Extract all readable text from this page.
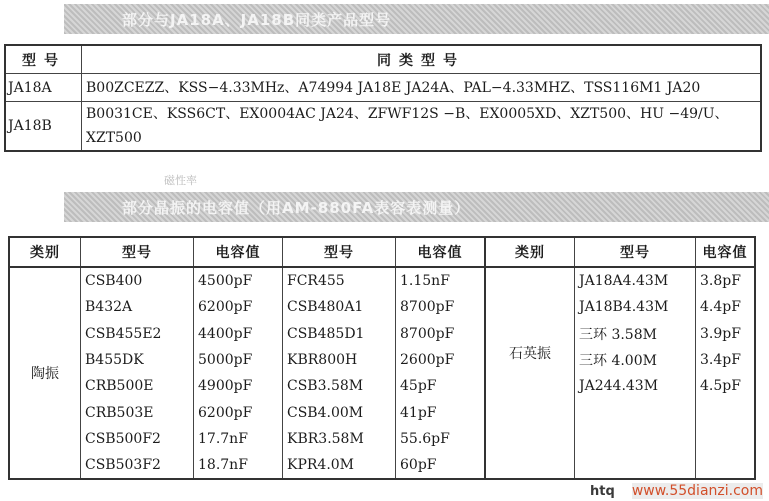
部分与JA18A、JA18B同类产品型号
型号	同类型号
JA18A	B00ZCEZZ、KSS−4.33MHz、A74994 JA18E JA24A、PAL−4.33MHZ、TSS116M1 JA20
JA18B	B0031CE、KSS6CT、EX0004AC JA24、ZFWF12S −B、EX0005XD、XZT500、HU −49/U、XZT500
磁性率
部分晶振的电容值（用AM-880FA表容表测量）
类别	型号	电容值	型号	电容值	类别	型号	电容值
陶振	CSB400	4500pF	FCR455	1.15nF	石英振	JA18A4.43M	3.8pF
	B432A	6200pF	CSB480A1	8700pF		JA18B4.43M	4.4pF
	CSB455E2	4400pF	CSB485D1	8700pF		三环 3.58M	3.9pF
	B455DK	5000pF	KBR800H	2600pF		三环 4.00M	3.4pF
	CRB500E	4900pF	CSB3.58M	45pF		JA244.43M	4.5pF
	CRB503E	6200pF	CSB4.00M	41pF			
	CSB500F2	17.7nF	KBR3.58M	55.6pF			
	CSB503F2	18.7nF	KPR4.0M	60pF			
htq www.55dianzi.com
